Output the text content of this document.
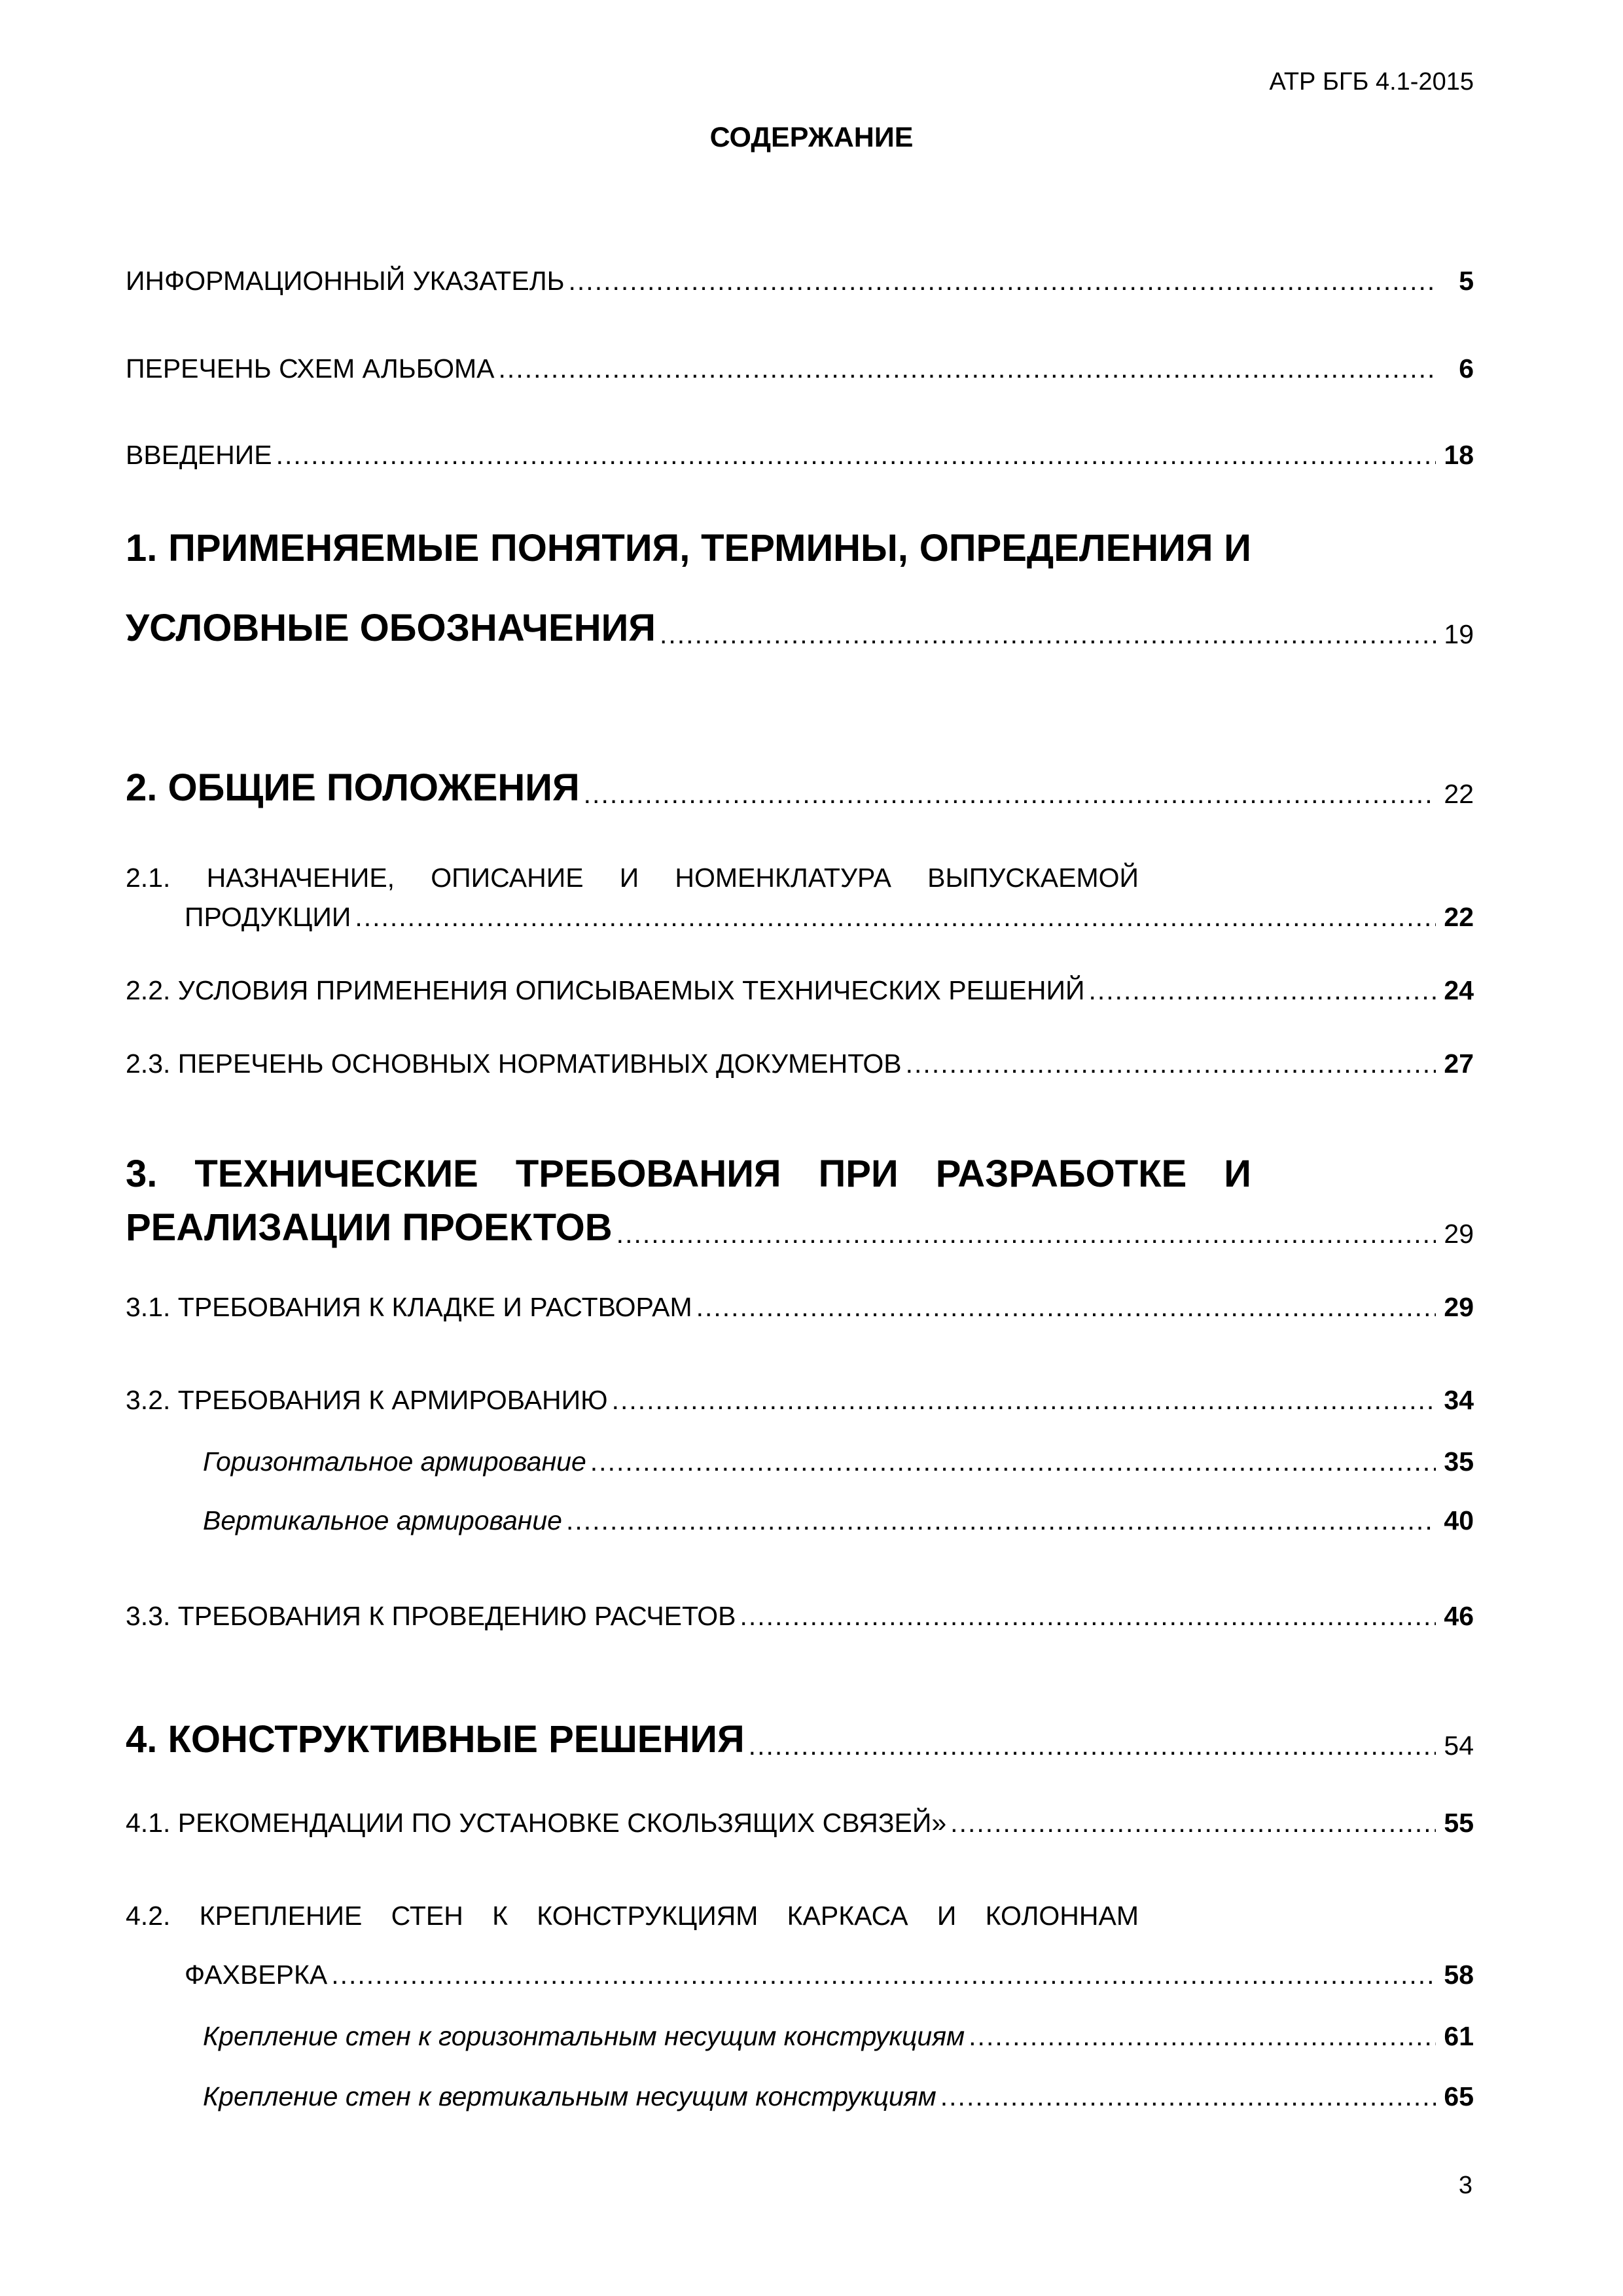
АТР БГБ 4.1-2015
СОДЕРЖАНИЕ
ИНФОРМАЦИОННЫЙ УКАЗАТЕЛЬ .....	5
ПЕРЕЧЕНЬ СХЕМ АЛЬБОМА .....	6
ВВЕДЕНИЕ .....	18
1. ПРИМЕНЯЕМЫЕ ПОНЯТИЯ, ТЕРМИНЫ, ОПРЕДЕЛЕНИЯ И
УСЛОВНЫЕ ОБОЗНАЧЕНИЯ .....	19
2. ОБЩИЕ ПОЛОЖЕНИЯ .....	22
2.1. НАЗНАЧЕНИЕ, ОПИСАНИЕ И НОМЕНКЛАТУРА ВЫПУСКАЕМОЙ
ПРОДУКЦИИ .....	22
2.2. УСЛОВИЯ ПРИМЕНЕНИЯ ОПИСЫВАЕМЫХ ТЕХНИЧЕСКИХ РЕШЕНИЙ .....	24
2.3. ПЕРЕЧЕНЬ ОСНОВНЫХ НОРМАТИВНЫХ ДОКУМЕНТОВ .....	27
3. ТЕХНИЧЕСКИЕ ТРЕБОВАНИЯ ПРИ РАЗРАБОТКЕ И
РЕАЛИЗАЦИИ ПРОЕКТОВ .....	29
3.1. ТРЕБОВАНИЯ К КЛАДКЕ И РАСТВОРАМ .....	29
3.2. ТРЕБОВАНИЯ К АРМИРОВАНИЮ .....	34
Горизонтальное армирование .....	35
Вертикальное армирование .....	40
3.3. ТРЕБОВАНИЯ К ПРОВЕДЕНИЮ РАСЧЕТОВ .....	46
4. КОНСТРУКТИВНЫЕ РЕШЕНИЯ .....	54
4.1. РЕКОМЕНДАЦИИ ПО УСТАНОВКЕ СКОЛЬЗЯЩИХ СВЯЗЕЙ» .....	55
4.2. КРЕПЛЕНИЕ СТЕН К КОНСТРУКЦИЯМ КАРКАСА И КОЛОННАМ
ФАХВЕРКА .....	58
Крепление стен к горизонтальным несущим конструкциям .....	61
Крепление стен к вертикальным несущим конструкциям .....	65
3
